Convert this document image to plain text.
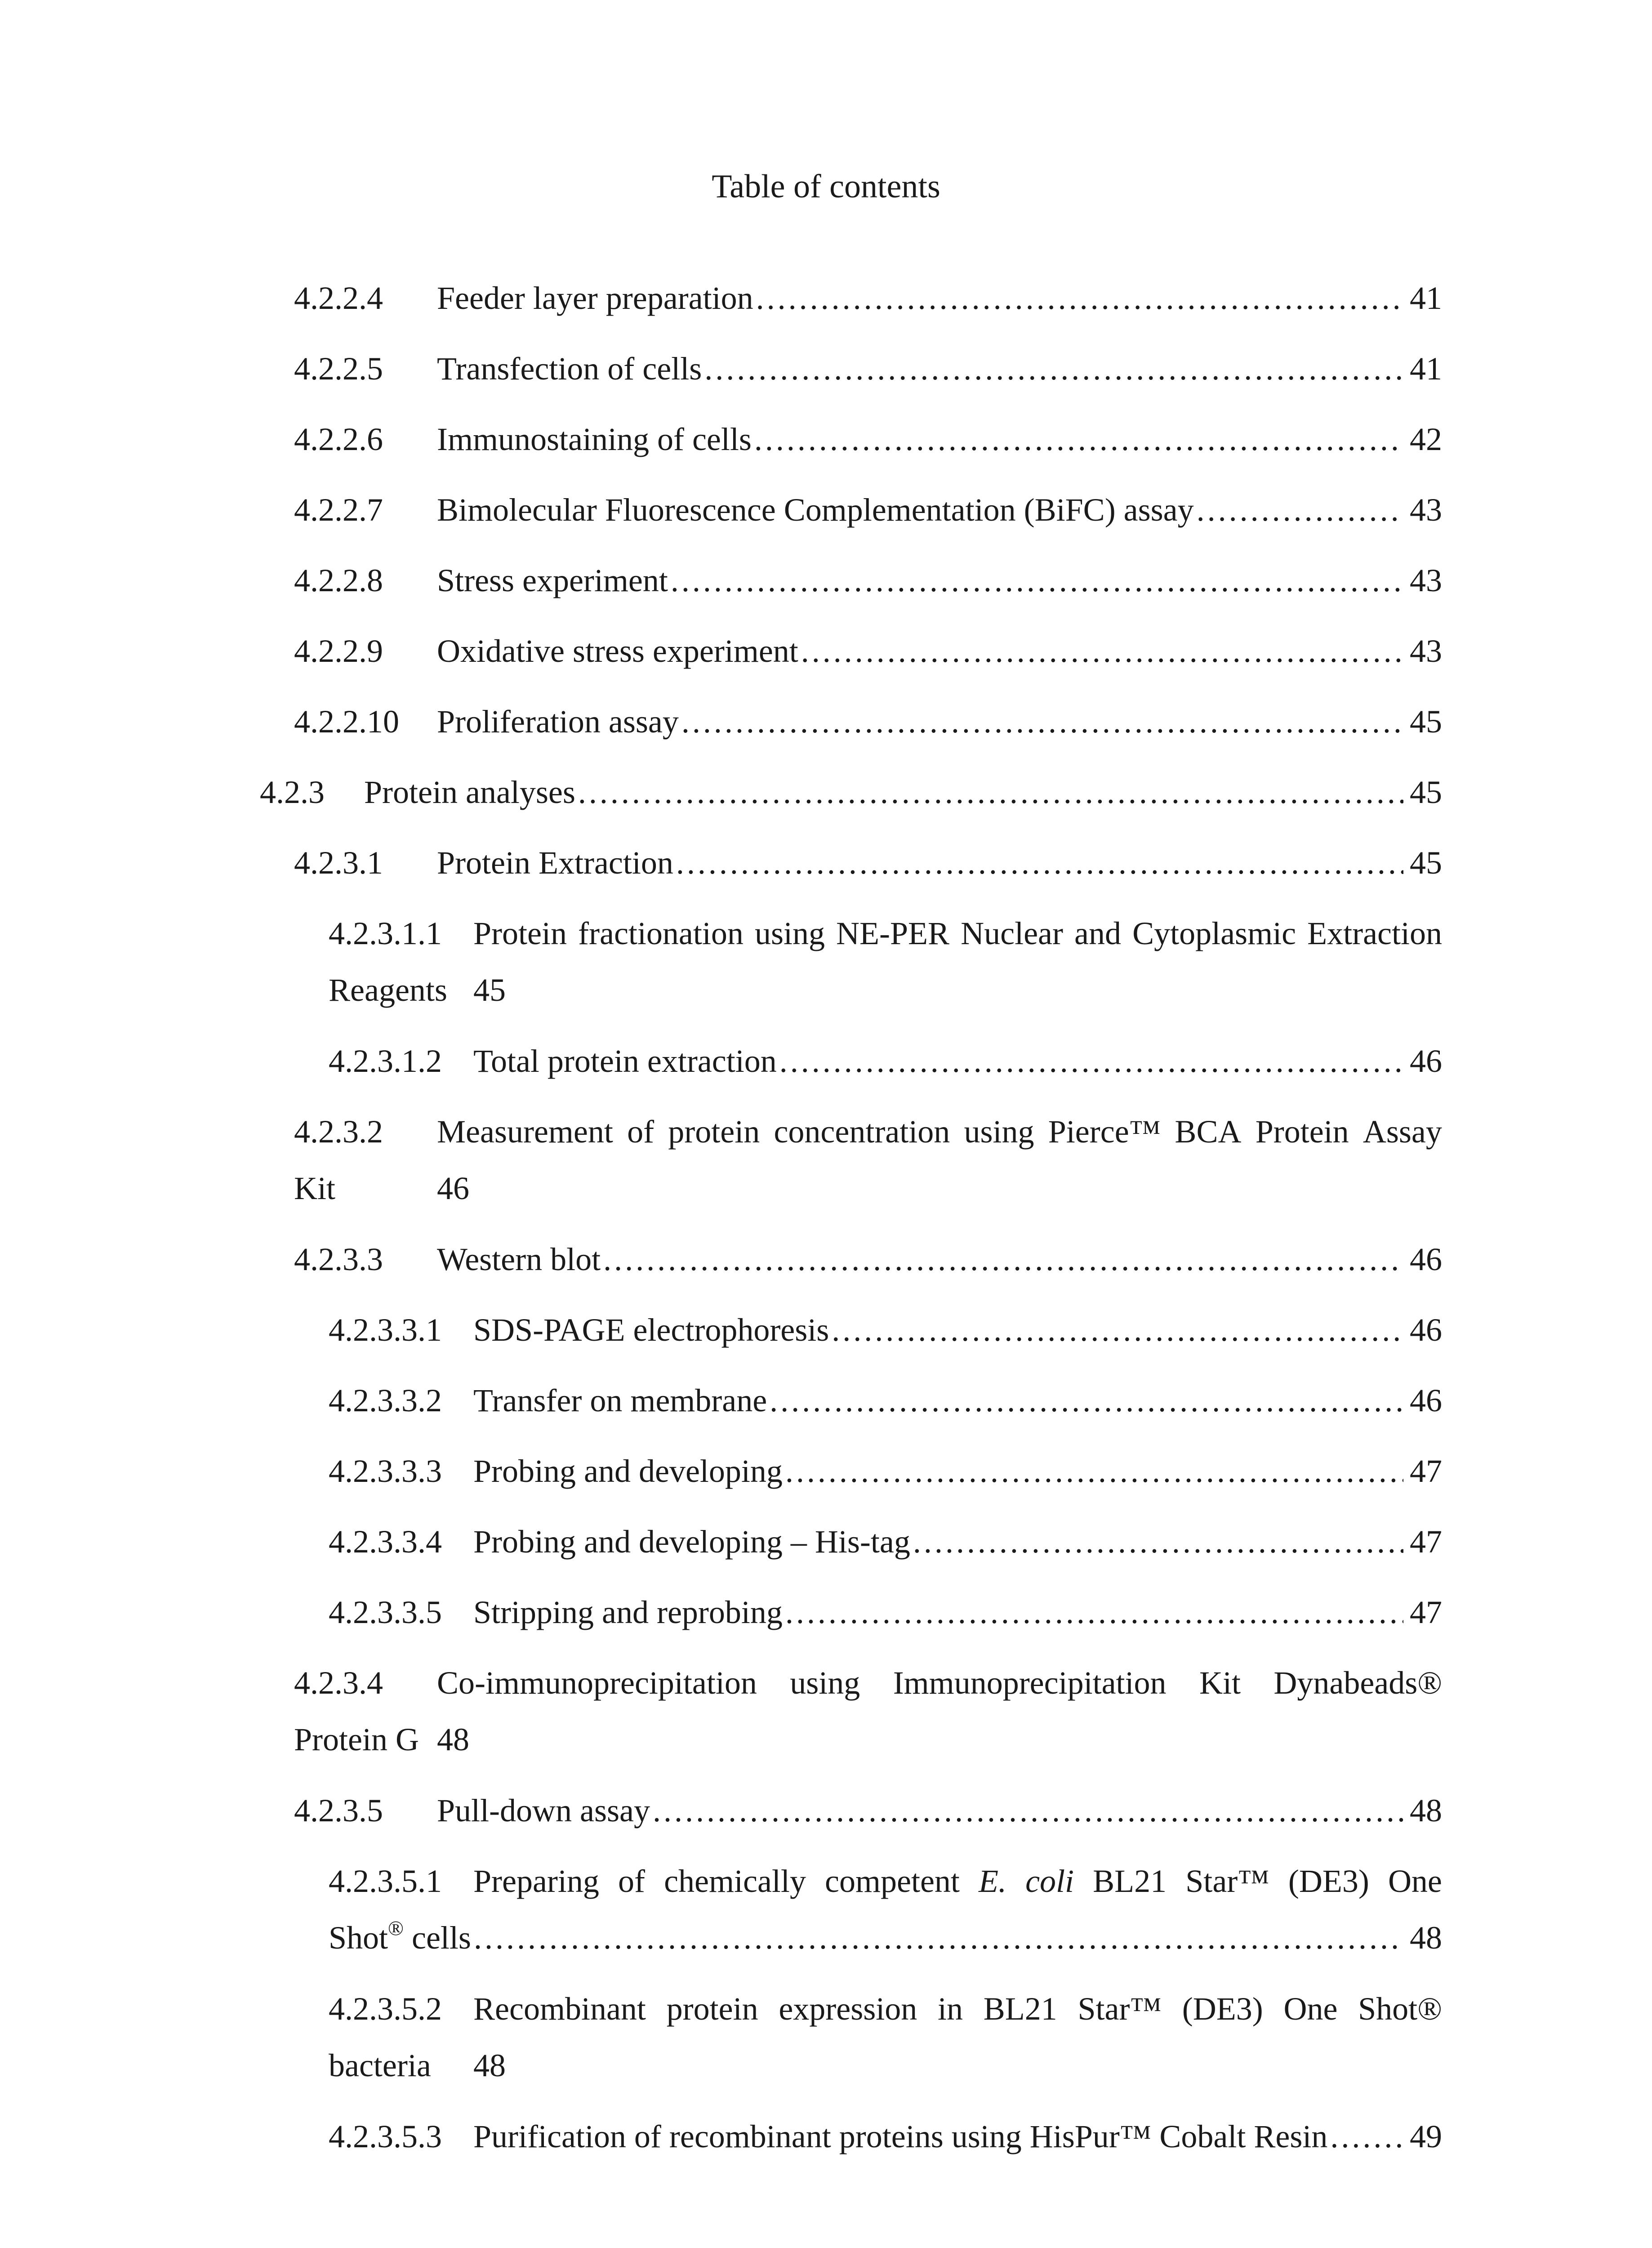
Table of contents
4.2.2.4	Feeder layer preparation .....	41
4.2.2.5	Transfection of cells .....	41
4.2.2.6	Immunostaining of cells .....	42
4.2.2.7	Bimolecular Fluorescence Complementation (BiFC) assay .....	43
4.2.2.8	Stress experiment .....	43
4.2.2.9	Oxidative stress experiment .....	43
4.2.2.10	Proliferation assay .....	45
4.2.3	Protein analyses .....	45
4.2.3.1	Protein Extraction .....	45
4.2.3.1.1 Protein fractionation using NE-PER Nuclear and Cytoplasmic Extraction
Reagents 45
4.2.3.1.2 Total protein extraction .....	46
4.2.3.2	Measurement of protein concentration using Pierce™ BCA Protein Assay
Kit	46
4.2.3.3	Western blot .....	46
4.2.3.3.1 SDS-PAGE electrophoresis .....	46
4.2.3.3.2 Transfer on membrane .....	46
4.2.3.3.3 Probing and developing .....	47
4.2.3.3.4 Probing and developing – His-tag .....	47
4.2.3.3.5 Stripping and reprobing .....	47
4.2.3.4	Co-immunoprecipitation using Immunoprecipitation Kit Dynabeads®
Protein G 48
4.2.3.5	Pull-down assay .....	48
4.2.3.5.1 Preparing of chemically competent E. coli BL21 Star™ (DE3) One
Shot® cells .....	48
4.2.3.5.2 Recombinant protein expression in BL21 Star™ (DE3) One Shot®
bacteria	48
4.2.3.5.3 Purification of recombinant proteins using HisPur™ Cobalt Resin .....	49
